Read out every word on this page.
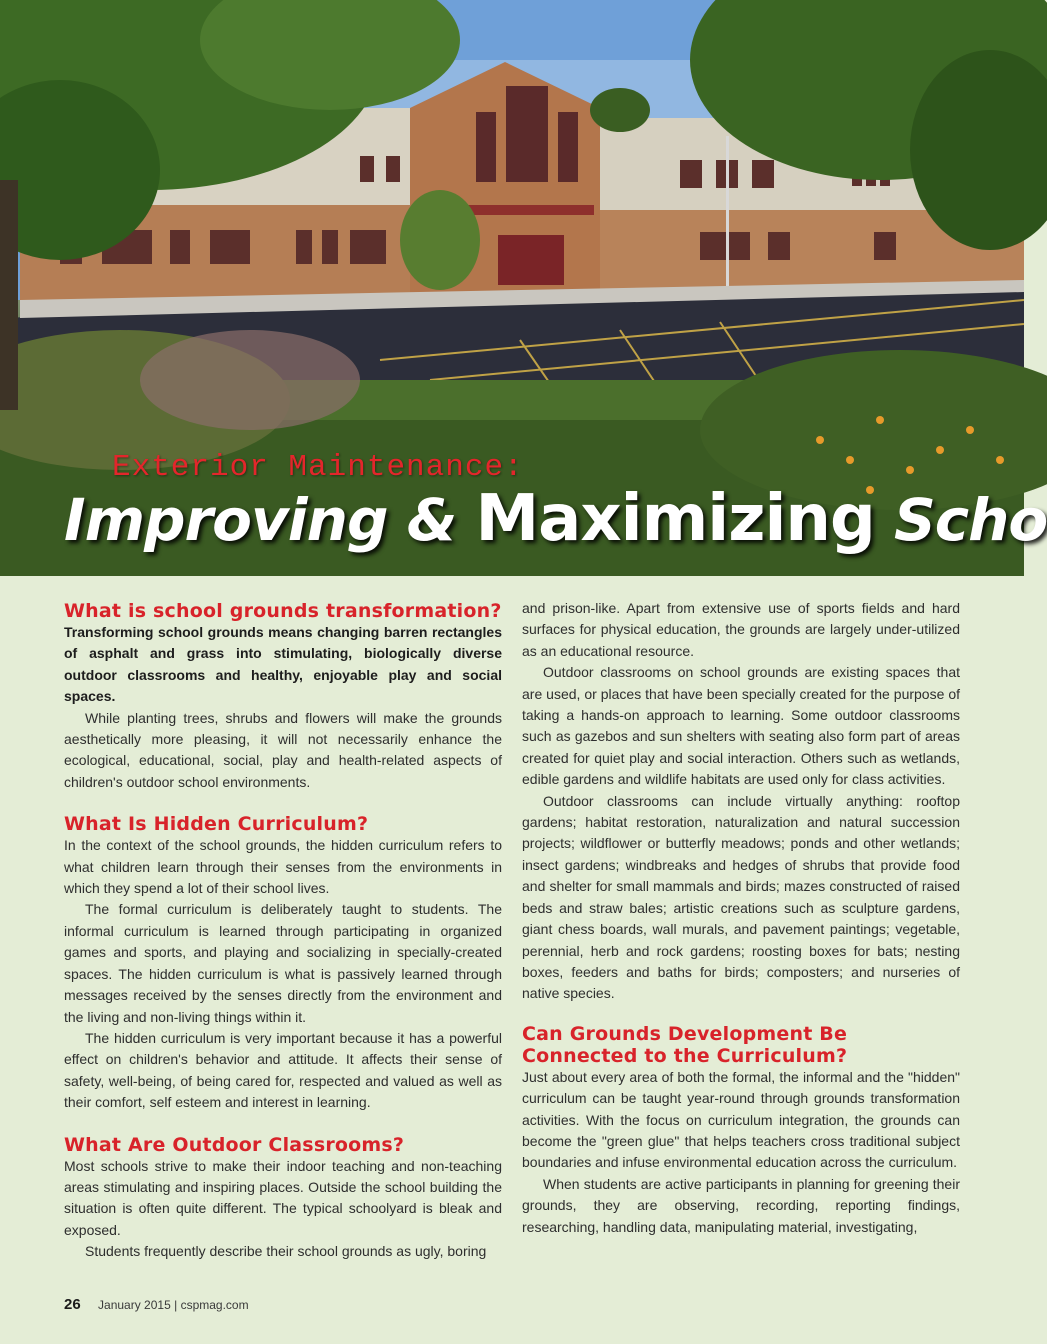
Exterior Maintenance:
Improving & Maximizing Scho
What is school grounds transformation?

Transforming school grounds means changing barren rectangles of asphalt and grass into stimulating, biologically diverse outdoor classrooms and healthy, enjoyable play and social spaces.

While planting trees, shrubs and flowers will make the grounds aesthetically more pleasing, it will not necessarily enhance the ecological, educational, social, play and health-related aspects of children's outdoor school environments.

What Is Hidden Curriculum?

In the context of the school grounds, the hidden curriculum refers to what children learn through their senses from the environments in which they spend a lot of their school lives.

The formal curriculum is deliberately taught to students. The informal curriculum is learned through participating in organized games and sports, and playing and socializing in specially-created spaces. The hidden curriculum is what is passively learned through messages received by the senses directly from the environment and the living and non-living things within it.

The hidden curriculum is very important because it has a powerful effect on children's behavior and attitude. It affects their sense of safety, well-being, of being cared for, respected and valued as well as their comfort, self esteem and interest in learning.

What Are Outdoor Classrooms?

Most schools strive to make their indoor teaching and non-teaching areas stimulating and inspiring places. Outside the school building the situation is often quite different. The typical schoolyard is bleak and exposed.

Students frequently describe their school grounds as ugly, boring

and prison-like. Apart from extensive use of sports fields and hard surfaces for physical education, the grounds are largely under-utilized as an educational resource.

Outdoor classrooms on school grounds are existing spaces that are used, or places that have been specially created for the purpose of taking a hands-on approach to learning. Some outdoor classrooms such as gazebos and sun shelters with seating also form part of areas created for quiet play and social interaction. Others such as wetlands, edible gardens and wildlife habitats are used only for class activities.

Outdoor classrooms can include virtually anything: rooftop gardens; habitat restoration, naturalization and natural succession projects; wildflower or butterfly meadows; ponds and other wetlands; insect gardens; windbreaks and hedges of shrubs that provide food and shelter for small mammals and birds; mazes constructed of raised beds and straw bales; artistic creations such as sculpture gardens, giant chess boards, wall murals, and pavement paintings; vegetable, perennial, herb and rock gardens; roosting boxes for bats; nesting boxes, feeders and baths for birds; composters; and nurseries of native species.

Can Grounds Development Be Connected to the Curriculum?

Just about every area of both the formal, the informal and the "hidden" curriculum can be taught year-round through grounds transformation activities. With the focus on curriculum integration, the grounds can become the "green glue" that helps teachers cross traditional subject boundaries and infuse environmental education across the curriculum.

When students are active participants in planning for greening their grounds, they are observing, recording, reporting findings, researching, handling data, manipulating material, investigating,

26 January 2015 | cspmag.com
